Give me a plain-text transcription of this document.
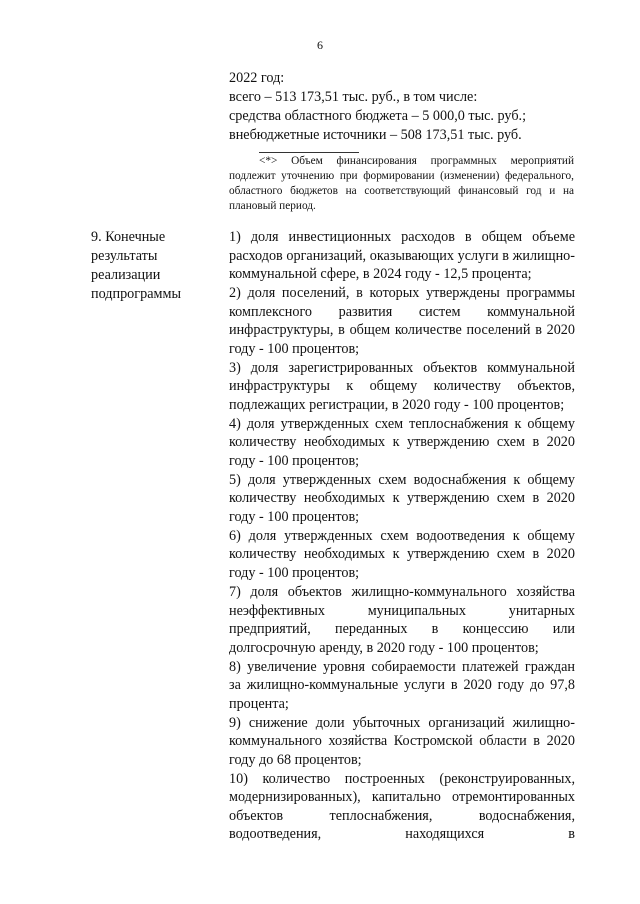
6
2022 год:
всего – 513 173,51 тыс. руб., в том числе:
средства областного бюджета – 5 000,0 тыс. руб.;
внебюджетные источники – 508 173,51 тыс. руб.

<*> Объем финансирования программных мероприятий подлежит уточнению при формировании (изменении) федерального, областного бюджетов на соответствующий финансовый год и на плановый период.

9. Конечные результаты реализации подпрограммы

1) доля инвестиционных расходов в общем объеме расходов организаций, оказывающих услуги в жилищно-коммунальной сфере, в 2024 году - 12,5 процента;

2) доля поселений, в которых утверждены программы комплексного развития систем коммунальной инфраструктуры, в общем количестве поселений в 2020 году - 100 процентов;

3) доля зарегистрированных объектов коммунальной инфраструктуры к общему количеству объектов, подлежащих регистрации, в 2020 году - 100 процентов;

4) доля утвержденных схем теплоснабжения к общему количеству необходимых к утверждению схем в 2020 году - 100 процентов;

5) доля утвержденных схем водоснабжения к общему количеству необходимых к утверждению схем в 2020 году - 100 процентов;

6) доля утвержденных схем водоотведения к общему количеству необходимых к утверждению схем в 2020 году - 100 процентов;

7) доля объектов жилищно-коммунального хозяйства неэффективных муниципальных унитарных предприятий, переданных в концессию или долгосрочную аренду, в 2020 году - 100 процентов;

8) увеличение уровня собираемости платежей граждан за жилищно-коммунальные услуги в 2020 году до 97,8 процента;

9) снижение доли убыточных организаций жилищно-коммунального хозяйства Костромской области в 2020 году до 68 процентов;

10) количество построенных (реконструированных, модернизированных), капитально отремонтированных объектов теплоснабжения, водоснабжения, водоотведения, находящихся в
